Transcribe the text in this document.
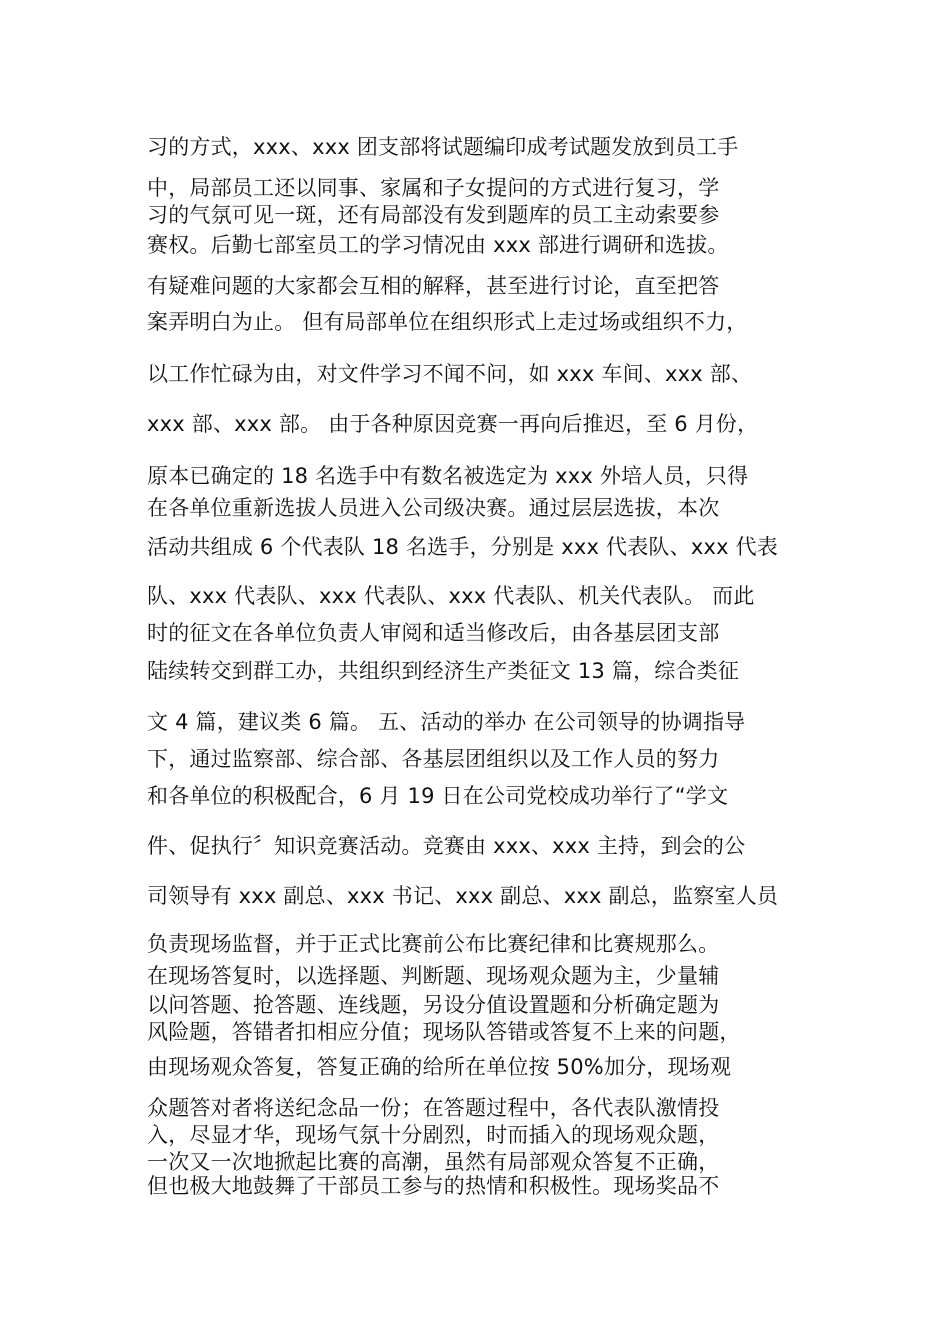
习的方式，xxx、xxx 团支部将试题编印成考试题发放到员工手
中，局部员工还以同事、家属和子女提问的方式进行复习，学
习的气氛可见一斑，还有局部没有发到题库的员工主动索要参
赛权。后勤七部室员工的学习情况由 xxx 部进行调研和选拔。
有疑难问题的大家都会互相的解释，甚至进行讨论，直至把答
案弄明白为止。 但有局部单位在组织形式上走过场或组织不力，
以工作忙碌为由，对文件学习不闻不问，如 xxx 车间、xxx 部、
xxx 部、xxx 部。 由于各种原因竞赛一再向后推迟，至 6 月份，
原本已确定的 18 名选手中有数名被选定为 xxx 外培人员，只得
在各单位重新选拔人员进入公司级决赛。通过层层选拔，本次
活动共组成 6 个代表队 18 名选手，分别是 xxx 代表队、xxx 代表
队、xxx 代表队、xxx 代表队、xxx 代表队、机关代表队。 而此
时的征文在各单位负责人审阅和适当修改后，由各基层团支部
陆续转交到群工办，共组织到经济生产类征文 13 篇，综合类征
文 4 篇，建议类 6 篇。 五、活动的举办 在公司领导的协调指导
下，通过监察部、综合部、各基层团组织以及工作人员的努力
和各单位的积极配合，6 月 19 日在公司党校成功举行了“学文
件、促执行〞知识竞赛活动。竞赛由 xxx、xxx 主持，到会的公
司领导有 xxx 副总、xxx 书记、xxx 副总、xxx 副总，监察室人员
负责现场监督，并于正式比赛前公布比赛纪律和比赛规那么。
在现场答复时，以选择题、判断题、现场观众题为主，少量辅
以问答题、抢答题、连线题，另设分值设置题和分析确定题为
风险题，答错者扣相应分值；现场队答错或答复不上来的问题，
由现场观众答复，答复正确的给所在单位按 50%加分，现场观
众题答对者将送纪念品一份；在答题过程中，各代表队激情投
入，尽显才华，现场气氛十分剧烈，时而插入的现场观众题，
一次又一次地掀起比赛的高潮，虽然有局部观众答复不正确，
但也极大地鼓舞了干部员工参与的热情和积极性。现场奖品不
